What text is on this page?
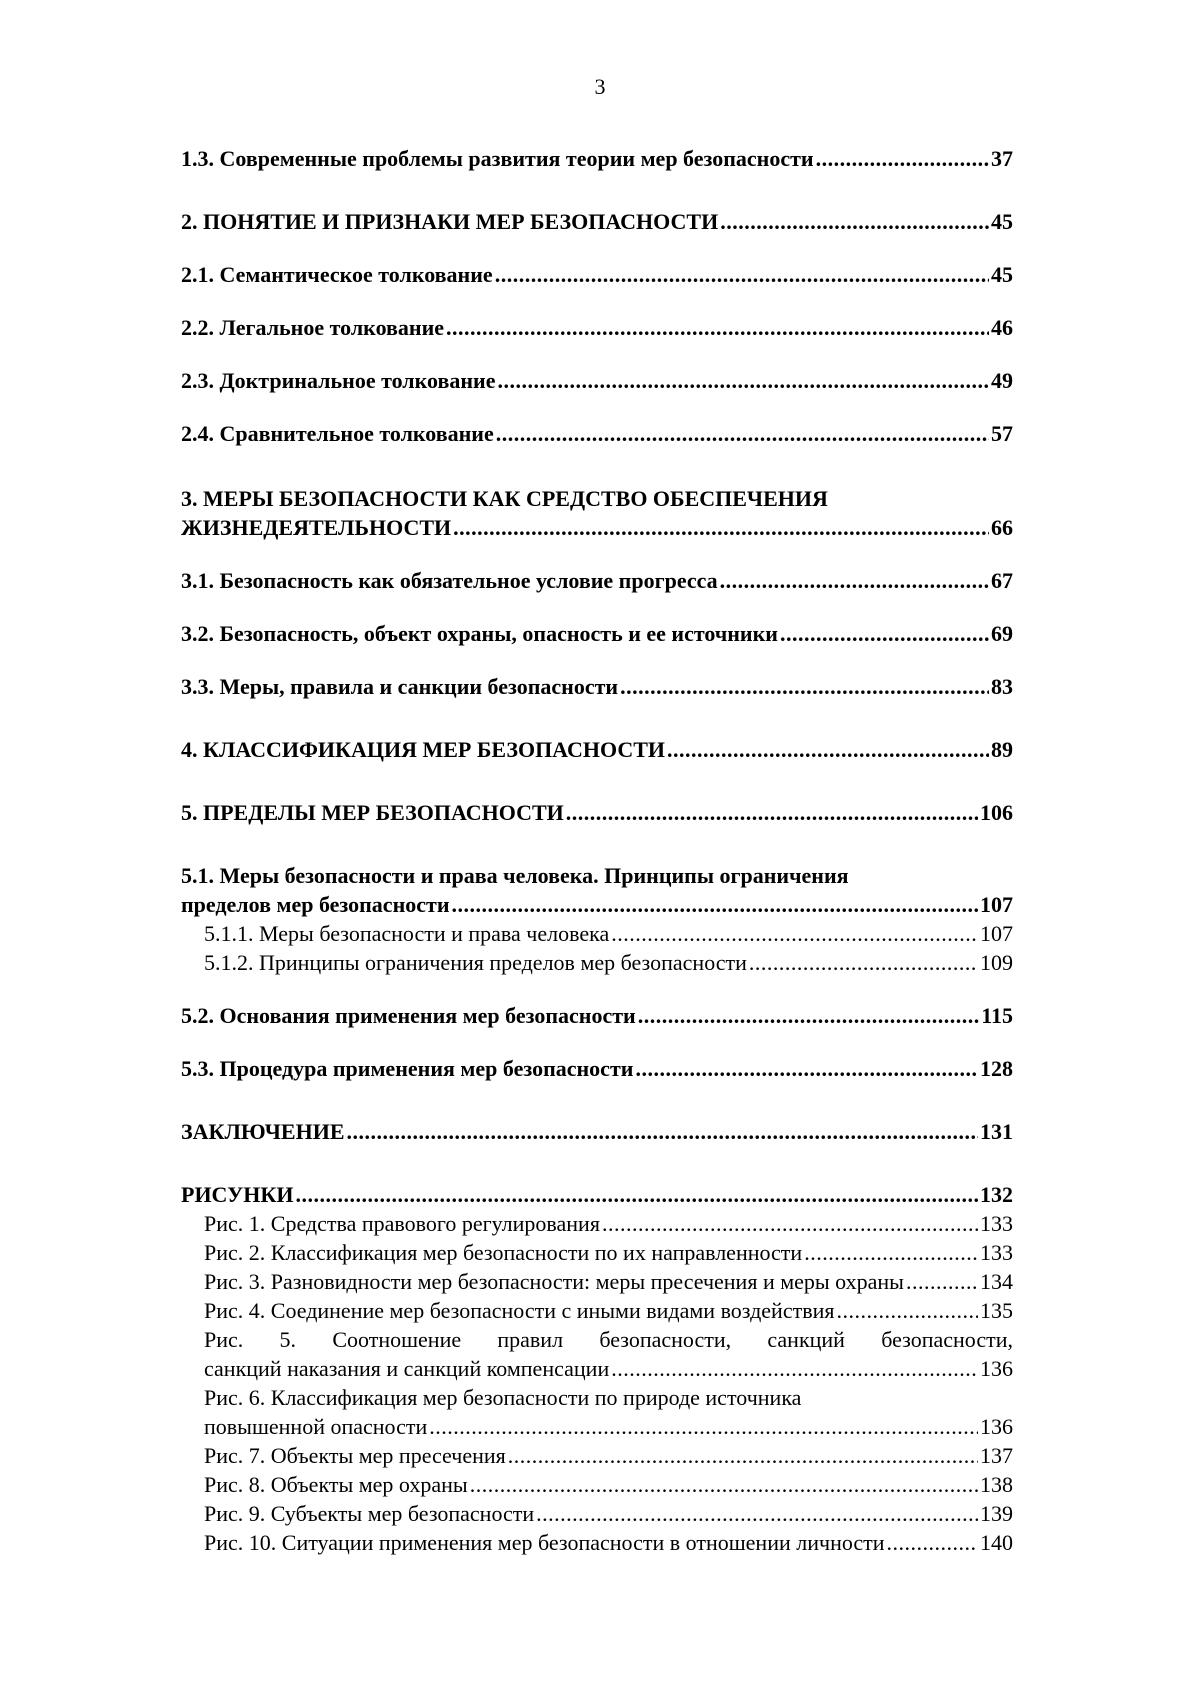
3
1.3. Современные проблемы развития теории мер безопасности .....	37
2. ПОНЯТИЕ И ПРИЗНАКИ МЕР БЕЗОПАСНОСТИ .....	45
2.1. Семантическое толкование .....	45
2.2. Легальное толкование .....	46
2.3. Доктринальное толкование .....	49
2.4. Сравнительное толкование .....	57
3. МЕРЫ БЕЗОПАСНОСТИ КАК СРЕДСТВО ОБЕСПЕЧЕНИЯ
ЖИЗНЕДЕЯТЕЛЬНОСТИ .....	66
3.1. Безопасность как обязательное условие прогресса .....	67
3.2. Безопасность, объект охраны, опасность и ее источники .....	69
3.3. Меры, правила и санкции безопасности .....	83
4. КЛАССИФИКАЦИЯ МЕР БЕЗОПАСНОСТИ .....	89
5. ПРЕДЕЛЫ МЕР БЕЗОПАСНОСТИ .....	106
5.1. Меры безопасности и права человека. Принципы ограничения
пределов мер безопасности .....	107
5.1.1. Меры безопасности и права человека .....	107
5.1.2. Принципы ограничения пределов мер безопасности .....	109
5.2. Основания применения мер безопасности .....	115
5.3. Процедура применения мер безопасности .....	128
ЗАКЛЮЧЕНИЕ .....	131
РИСУНКИ .....	132
Рис. 1. Средства правового регулирования .....	133
Рис. 2. Классификация мер безопасности по их направленности .....	133
Рис. 3. Разновидности мер безопасности: меры пресечения и меры охраны .....	134
Рис. 4. Соединение мер безопасности с иными видами воздействия .....	135
Рис. 5. Соотношение правил безопасности, санкций безопасности,
санкций наказания и санкций компенсации .....	136
Рис. 6. Классификация мер безопасности по природе источника
повышенной опасности .....	136
Рис. 7. Объекты мер пресечения .....	137
Рис. 8. Объекты мер охраны .....	138
Рис. 9. Субъекты мер безопасности .....	139
Рис. 10. Ситуации применения мер безопасности в отношении личности .....	140
